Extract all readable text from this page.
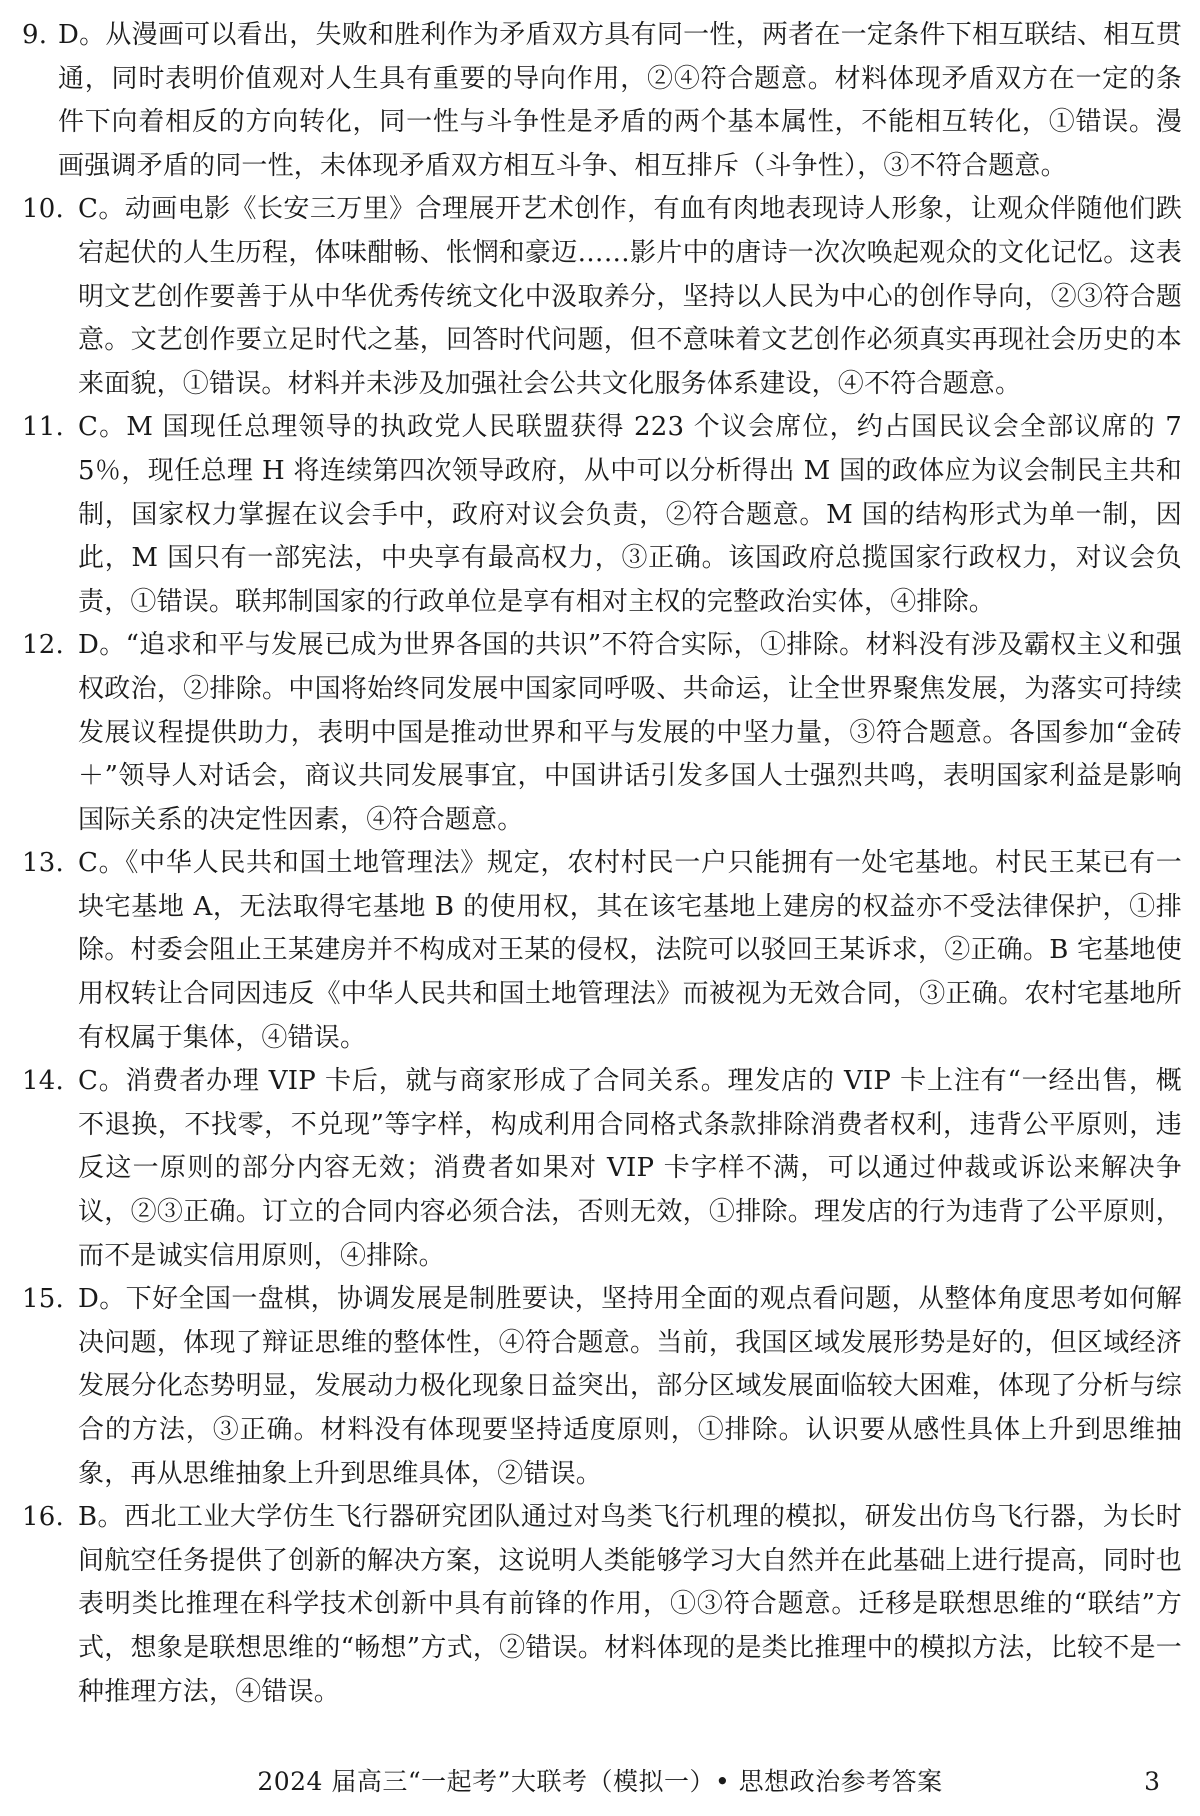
9. D。从漫画可以看出，失败和胜利作为矛盾双方具有同一性，两者在一定条件下相互联结、相互贯通，同时表明价值观对人生具有重要的导向作用，②④符合题意。材料体现矛盾双方在一定的条件下向着相反的方向转化，同一性与斗争性是矛盾的两个基本属性，不能相互转化，①错误。漫画强调矛盾的同一性，未体现矛盾双方相互斗争、相互排斥（斗争性），③不符合题意。
10. C。动画电影《长安三万里》合理展开艺术创作，有血有肉地表现诗人形象，让观众伴随他们跌宕起伏的人生历程，体味酣畅、怅惘和豪迈……影片中的唐诗一次次唤起观众的文化记忆。这表明文艺创作要善于从中华优秀传统文化中汲取养分，坚持以人民为中心的创作导向，②③符合题意。文艺创作要立足时代之基，回答时代问题，但不意味着文艺创作必须真实再现社会历史的本来面貌，①错误。材料并未涉及加强社会公共文化服务体系建设，④不符合题意。
11. C。M 国现任总理领导的执政党人民联盟获得 223 个议会席位，约占国民议会全部议席的 75％，现任总理 H 将连续第四次领导政府，从中可以分析得出 M 国的政体应为议会制民主共和制，国家权力掌握在议会手中，政府对议会负责，②符合题意。M 国的结构形式为单一制，因此，M 国只有一部宪法，中央享有最高权力，③正确。该国政府总揽国家行政权力，对议会负责，①错误。联邦制国家的行政单位是享有相对主权的完整政治实体，④排除。
12. D。“追求和平与发展已成为世界各国的共识”不符合实际，①排除。材料没有涉及霸权主义和强权政治，②排除。中国将始终同发展中国家同呼吸、共命运，让全世界聚焦发展，为落实可持续发展议程提供助力，表明中国是推动世界和平与发展的中坚力量，③符合题意。各国参加“金砖＋”领导人对话会，商议共同发展事宜，中国讲话引发多国人士强烈共鸣，表明国家利益是影响国际关系的决定性因素，④符合题意。
13. C。《中华人民共和国土地管理法》规定，农村村民一户只能拥有一处宅基地。村民王某已有一块宅基地 A，无法取得宅基地 B 的使用权，其在该宅基地上建房的权益亦不受法律保护，①排除。村委会阻止王某建房并不构成对王某的侵权，法院可以驳回王某诉求，②正确。B 宅基地使用权转让合同因违反《中华人民共和国土地管理法》而被视为无效合同，③正确。农村宅基地所有权属于集体，④错误。
14. C。消费者办理 VIP 卡后，就与商家形成了合同关系。理发店的 VIP 卡上注有“一经出售，概不退换，不找零，不兑现”等字样，构成利用合同格式条款排除消费者权利，违背公平原则，违反这一原则的部分内容无效；消费者如果对 VIP 卡字样不满，可以通过仲裁或诉讼来解决争议，②③正确。订立的合同内容必须合法，否则无效，①排除。理发店的行为违背了公平原则，而不是诚实信用原则，④排除。
15. D。下好全国一盘棋，协调发展是制胜要诀，坚持用全面的观点看问题，从整体角度思考如何解决问题，体现了辩证思维的整体性，④符合题意。当前，我国区域发展形势是好的，但区域经济发展分化态势明显，发展动力极化现象日益突出，部分区域发展面临较大困难，体现了分析与综合的方法，③正确。材料没有体现要坚持适度原则，①排除。认识要从感性具体上升到思维抽象，再从思维抽象上升到思维具体，②错误。
16. B。西北工业大学仿生飞行器研究团队通过对鸟类飞行机理的模拟，研发出仿鸟飞行器，为长时间航空任务提供了创新的解决方案，这说明人类能够学习大自然并在此基础上进行提高，同时也表明类比推理在科学技术创新中具有前锋的作用，①③符合题意。迁移是联想思维的“联结”方式，想象是联想思维的“畅想”方式，②错误。材料体现的是类比推理中的模拟方法，比较不是一种推理方法，④错误。
2024 届高三“一起考”大联考（模拟一）• 思想政治参考答案	3
